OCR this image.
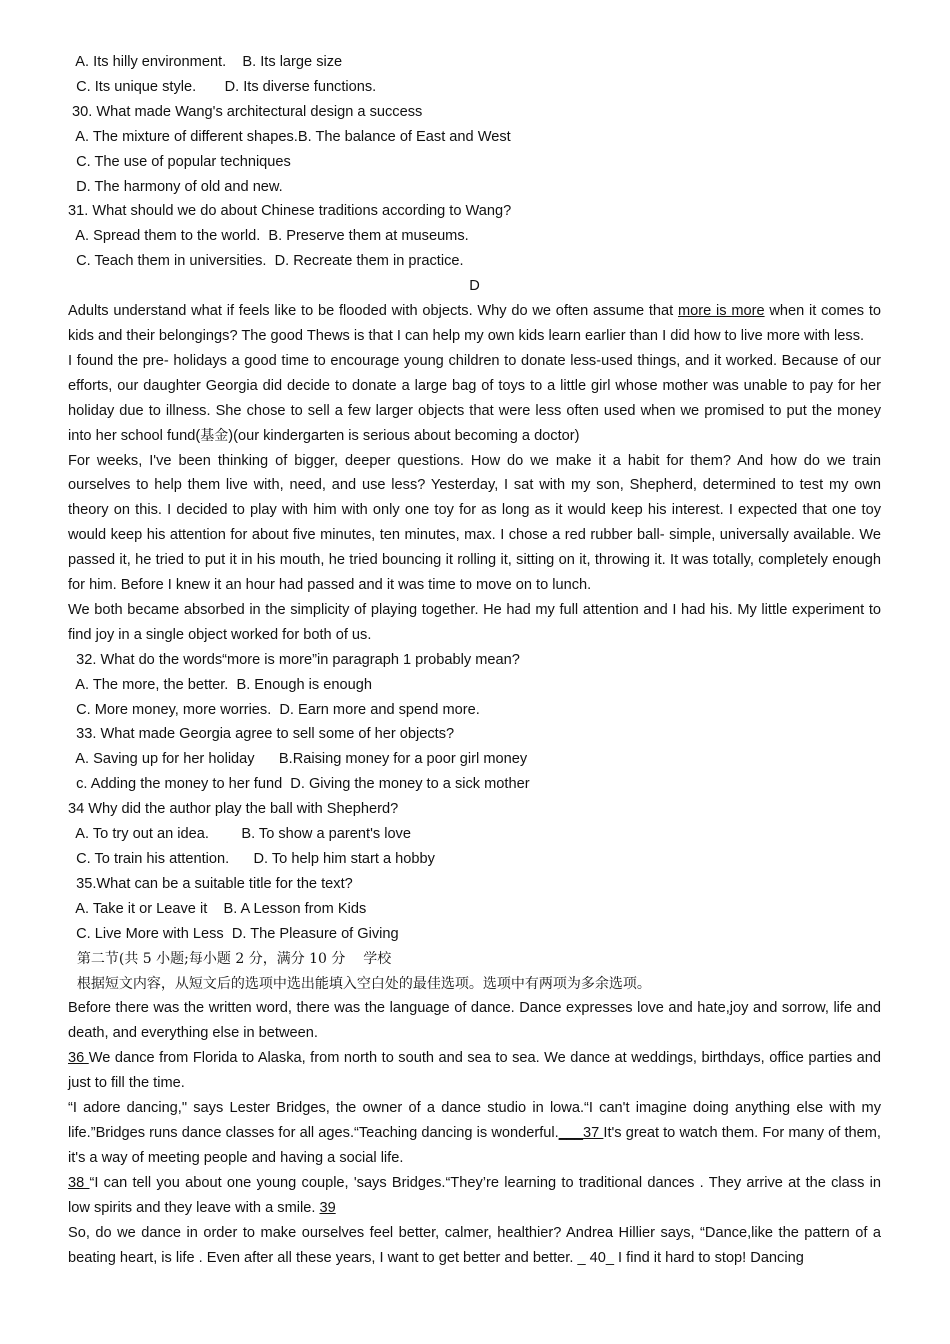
A. Its hilly environment. B. Its large size
C. Its unique style. D. Its diverse functions.
30. What made Wang's architectural design a success
A. The mixture of different shapes.B. The balance of East and West
C. The use of popular techniques
D. The harmony of old and new.
31. What should we do about Chinese traditions according to Wang?
A. Spread them to the world.  B. Preserve them at museums.
C. Teach them in universities.  D. Recreate them in practice.
D
Adults understand what if feels like to be flooded with objects. Why do we often assume that more is more when it comes to kids and their belongings? The good Thews is that I can help my own kids learn earlier than I did how to live more with less.
I found the pre- holidays a good time to encourage young children to donate less-used things, and it worked. Because of our efforts, our daughter Georgia did decide to donate a large bag of toys to a little girl whose mother was unable to pay for her holiday due to illness. She chose to sell a few larger objects that were less often used when we promised to put the money into her school fund(基金)(our kindergarten is serious about becoming a doctor)
For weeks, I've been thinking of bigger, deeper questions. How do we make it a habit for them? And how do we train ourselves to help them live with, need, and use less? Yesterday, I sat with my son, Shepherd, determined to test my own theory on this. I decided to play with him with only one toy for as long as it would keep his interest. I expected that one toy would keep his attention for about five minutes, ten minutes, max. I chose a red rubber ball- simple, universally available. We passed it, he tried to put it in his mouth, he tried bouncing it rolling it, sitting on it, throwing it. It was totally, completely enough for him. Before I knew it an hour had passed and it was time to move on to lunch.
We both became absorbed in the simplicity of playing together. He had my full attention and I had his. My little experiment to find joy in a single object worked for both of us.
32. What do the words“more is more”in paragraph 1 probably mean?
A. The more, the better.  B. Enough is enough
C. More money, more worries.  D. Earn more and spend more.
33. What made Georgia agree to sell some of her objects?
A. Saving up for her holiday B.Raising money for a poor girl money
c. Adding the money to her fund  D. Giving the money to a sick mother
34 Why did the author play the ball with Shepherd?
A. To try out an idea. B. To show a parent's love
C. To train his attention. D. To help him start a hobby
35.What can be a suitable title for the text?
A. Take it or Leave it    B. A Lesson from Kids
C. Live More with Less  D. The Pleasure of Giving
第二节(共 5 小题;每小题 2 分，满分 10 分    学校
根据短文内容，从短文后的选项中选出能填入空白处的最佳选项。选项中有两项为多余选项。
Before there was the written word, there was the language of dance. Dance expresses love and hate,joy and sorrow, life and death, and everything else in between.
36 We dance from Florida to Alaska, from north to south and sea to sea. We dance at weddings, birthdays, office parties and just to fill the time.
“I adore dancing," says Lester Bridges, the owner of a dance studio in lowa.“I can't imagine doing anything else with my life.”Bridges runs dance classes for all ages.“Teaching dancing is wonderful.___37 It's great to watch them. For many of them, it's a way of meeting people and having a social life.
38 “I can tell you about one young couple, 'says Bridges.“They’re learning to traditional dances . They arrive at the class in low spirits and they leave with a smile. 39
So, do we dance in order to make ourselves feel better, calmer, healthier? Andrea Hillier says, “Dance,like the pattern of a beating heart, is life . Even after all these years, I want to get better and better. _ 40_ I find it hard to stop! Dancing
